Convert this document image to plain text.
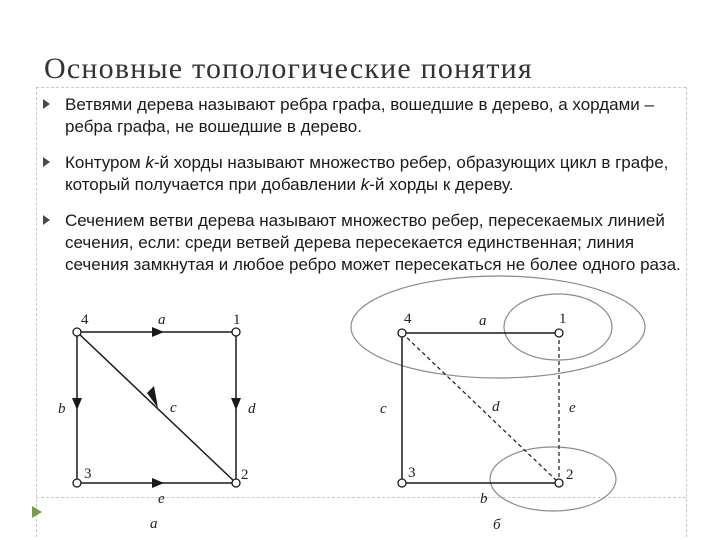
Основные топологические понятия
Ветвями дерева называют ребра графа, вошедшие в дерево, а хордами – ребра графа, не вошедшие в дерево.
Контуром k-й хорды называют множество ребер, образующих цикл в графе, который получается при добавлении k-й хорды к дереву.
Сечением ветви дерева называют множество ребер, пересекаемых линией сечения, если: среди ветвей дерева пересекается единственная; линия сечения замкнутая и любое ребро может пересекаться не более одного раза.
4	1
3	2
a
b	c	d
e
а
4	1
3	2
a
c	d	e
b
б
